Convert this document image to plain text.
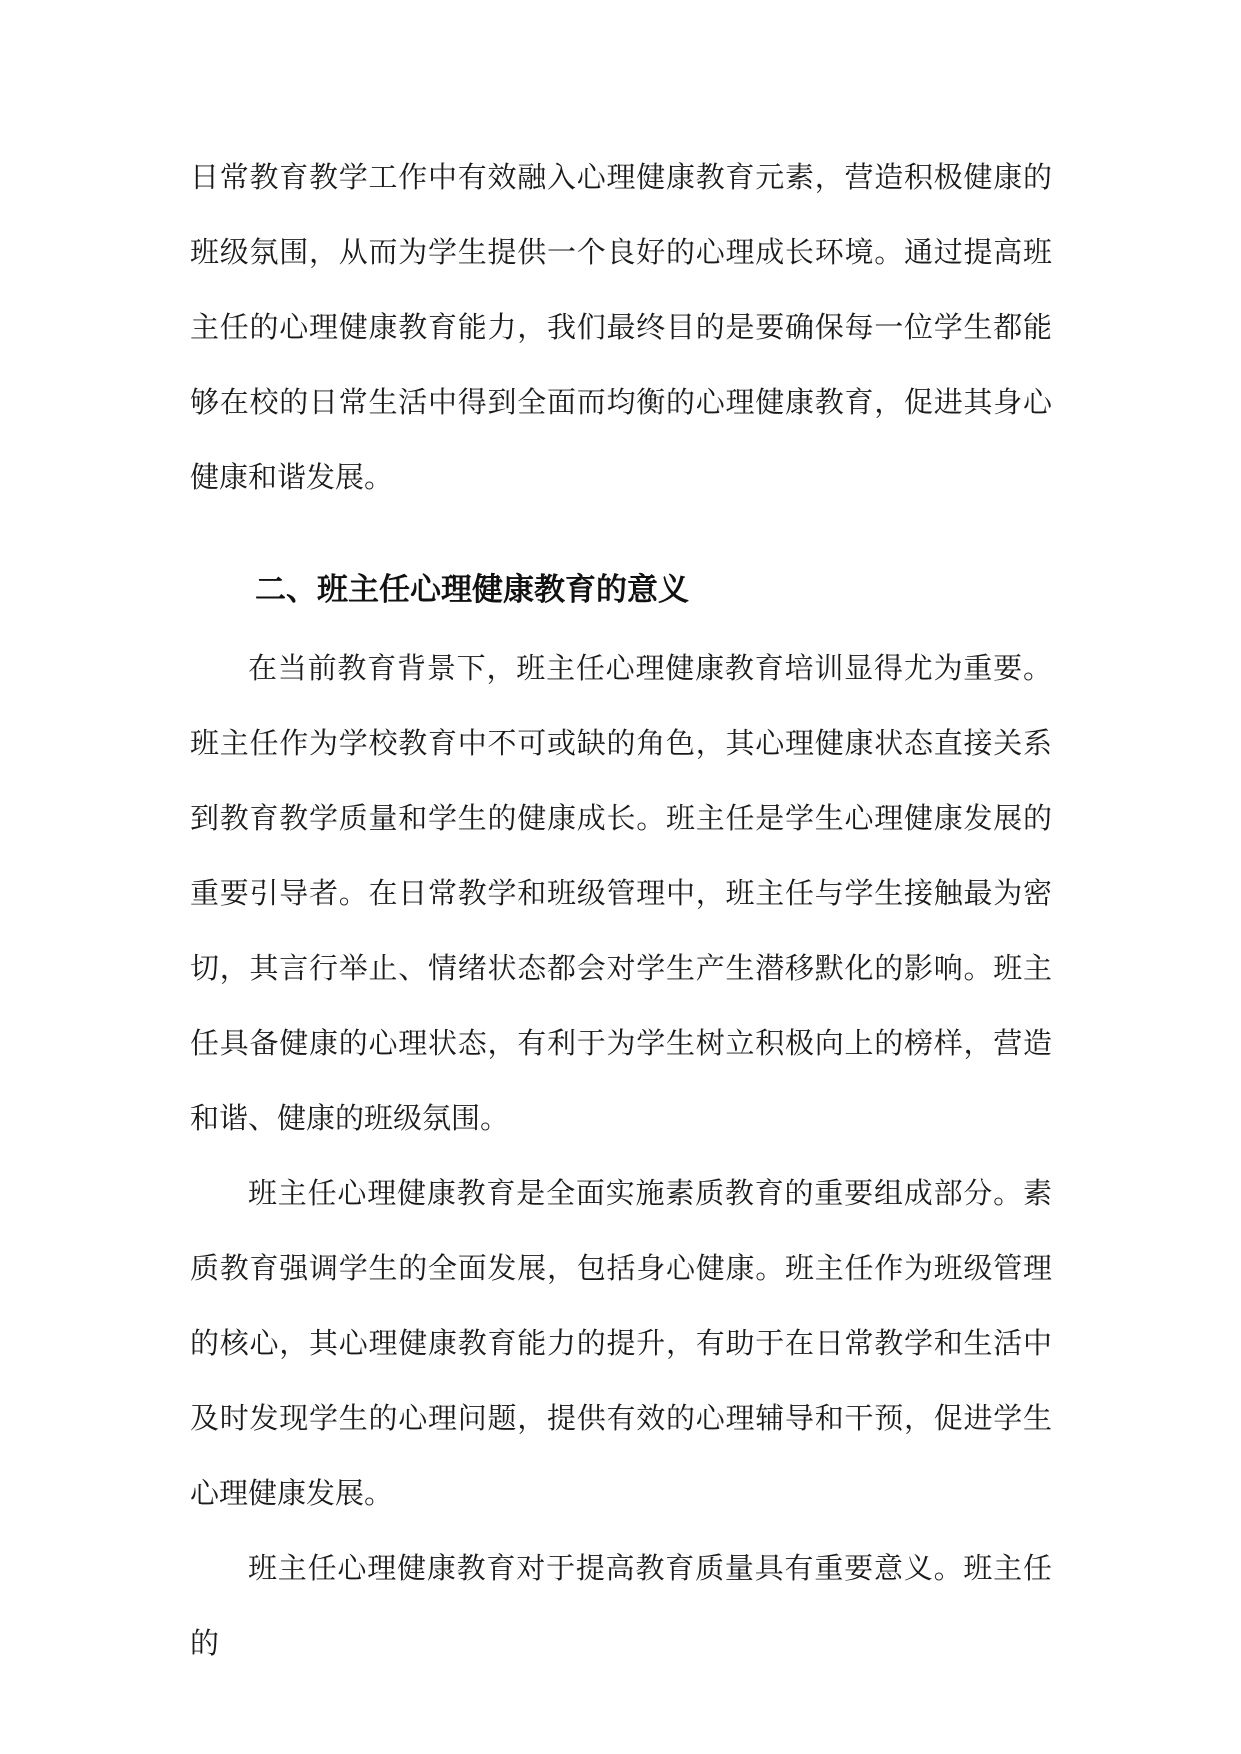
日常教育教学工作中有效融入心理健康教育元素，营造积极健康的班级氛围，从而为学生提供一个良好的心理成长环境。通过提高班主任的心理健康教育能力，我们最终目的是要确保每一位学生都能够在校的日常生活中得到全面而均衡的心理健康教育，促进其身心健康和谐发展。

二、班主任心理健康教育的意义

在当前教育背景下，班主任心理健康教育培训显得尤为重要。班主任作为学校教育中不可或缺的角色，其心理健康状态直接关系到教育教学质量和学生的健康成长。班主任是学生心理健康发展的重要引导者。在日常教学和班级管理中，班主任与学生接触最为密切，其言行举止、情绪状态都会对学生产生潜移默化的影响。班主任具备健康的心理状态，有利于为学生树立积极向上的榜样，营造和谐、健康的班级氛围。

班主任心理健康教育是全面实施素质教育的重要组成部分。素质教育强调学生的全面发展，包括身心健康。班主任作为班级管理的核心，其心理健康教育能力的提升，有助于在日常教学和生活中及时发现学生的心理问题，提供有效的心理辅导和干预，促进学生心理健康发展。

班主任心理健康教育对于提高教育质量具有重要意义。班主任的
